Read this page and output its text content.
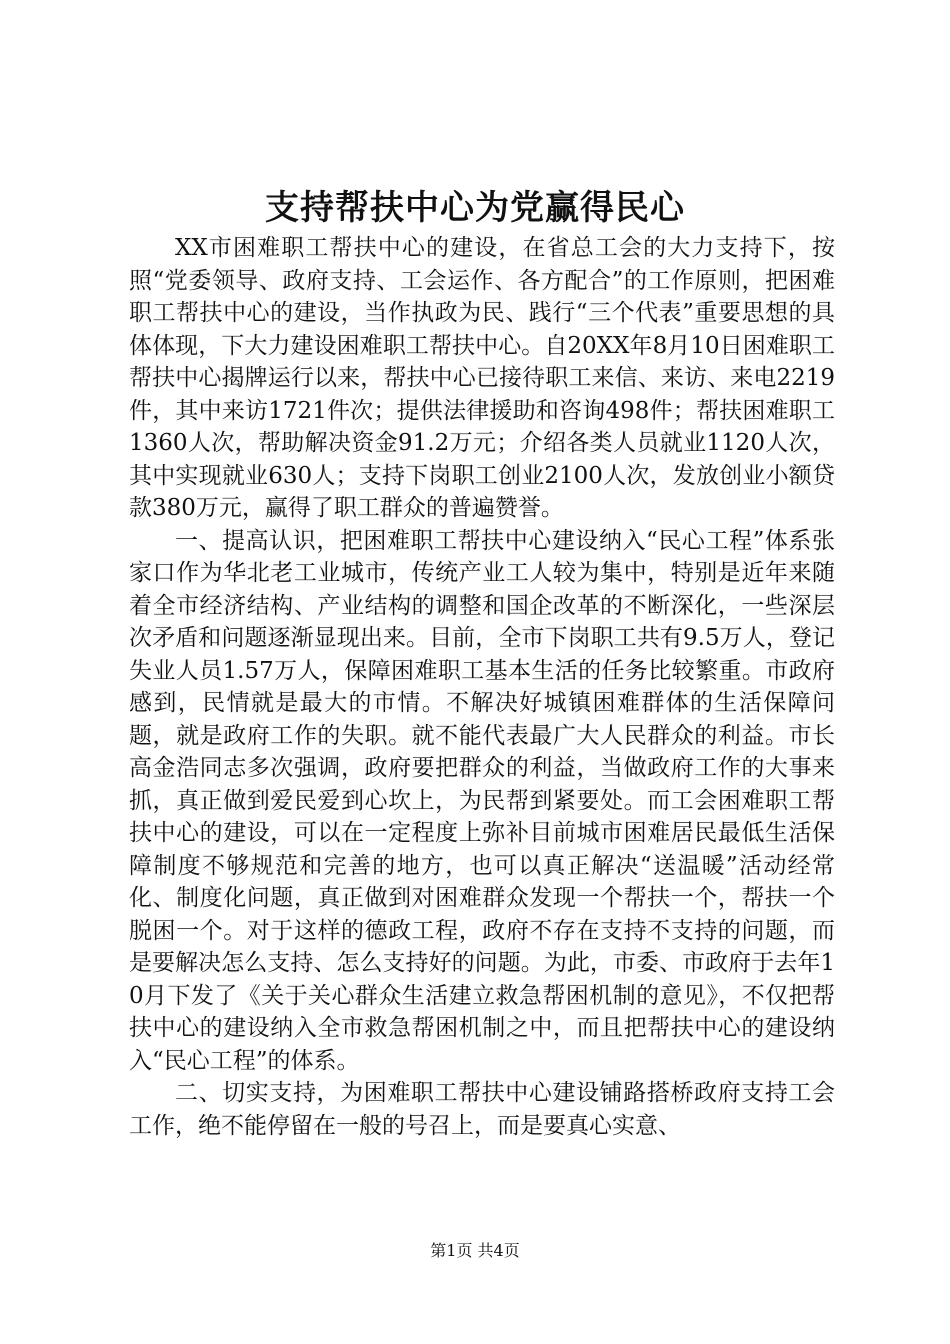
支持帮扶中心为党赢得民心

XX市困难职工帮扶中心的建设，在省总工会的大力支持下，按照“党委领导、政府支持、工会运作、各方配合”的工作原则，把困难职工帮扶中心的建设，当作执政为民、践行“三个代表”重要思想的具体体现，下大力建设困难职工帮扶中心。自20XX年8月10日困难职工帮扶中心揭牌运行以来，帮扶中心已接待职工来信、来访、来电2219件，其中来访1721件次；提供法律援助和咨询498件；帮扶困难职工1360人次，帮助解决资金91.2万元；介绍各类人员就业1120人次，其中实现就业630人；支持下岗职工创业2100人次，发放创业小额贷款380万元，赢得了职工群众的普遍赞誉。

一、提高认识，把困难职工帮扶中心建设纳入“民心工程”体系张家口作为华北老工业城市，传统产业工人较为集中，特别是近年来随着全市经济结构、产业结构的调整和国企改革的不断深化，一些深层次矛盾和问题逐渐显现出来。目前，全市下岗职工共有9.5万人，登记失业人员1.57万人，保障困难职工基本生活的任务比较繁重。市政府感到，民情就是最大的市情。不解决好城镇困难群体的生活保障问题，就是政府工作的失职。就不能代表最广大人民群众的利益。市长高金浩同志多次强调，政府要把群众的利益，当做政府工作的大事来抓，真正做到爱民爱到心坎上，为民帮到紧要处。而工会困难职工帮扶中心的建设，可以在一定程度上弥补目前城市困难居民最低生活保障制度不够规范和完善的地方，也可以真正解决“送温暖”活动经常化、制度化问题，真正做到对困难群众发现一个帮扶一个，帮扶一个脱困一个。对于这样的德政工程，政府不存在支持不支持的问题，而是要解决怎么支持、怎么支持好的问题。为此，市委、市政府于去年10月下发了《关于关心群众生活建立救急帮困机制的意见》，不仅把帮扶中心的建设纳入全市救急帮困机制之中，而且把帮扶中心的建设纳入“民心工程”的体系。

二、切实支持，为困难职工帮扶中心建设铺路搭桥政府支持工会工作，绝不能停留在一般的号召上，而是要真心实意、

第1页 共4页
